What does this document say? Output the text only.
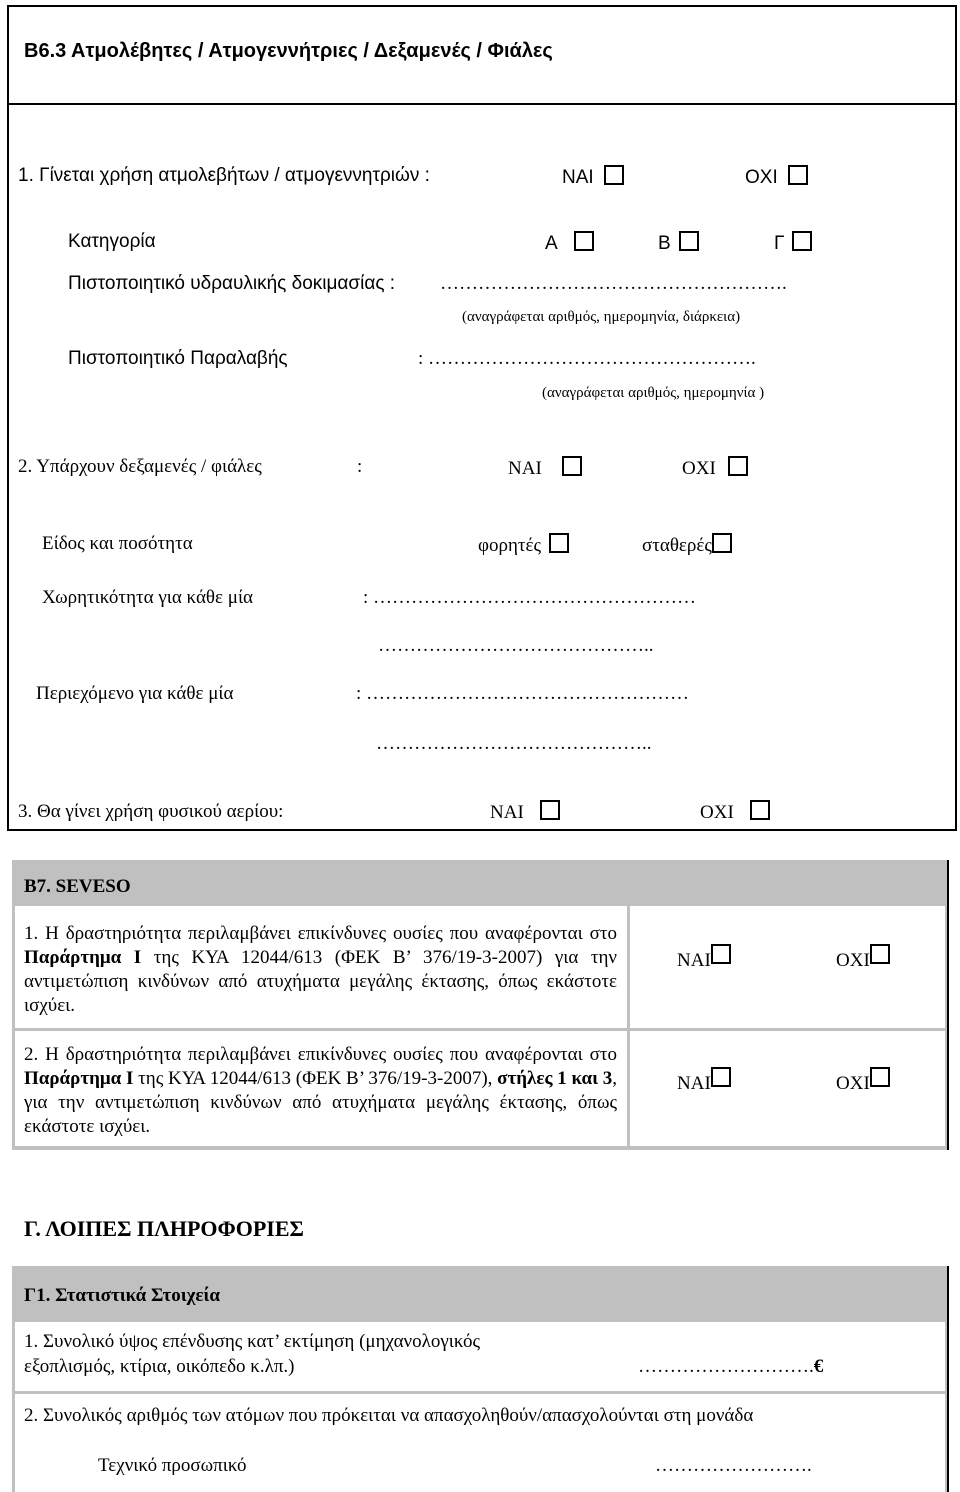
Β6.3 Ατμολέβητες / Ατμογεννήτριες / Δεξαμενές / Φιάλες
1. Γίνεται χρήση ατμολεβήτων / ατμογεννητριών :	ΝΑΙ	ΟΧΙ
Κατηγορία	Α	Β	Γ
Πιστοποιητικό υδραυλικής δοκιμασίας : ……………………………………………….
(αναγράφεται αριθμός, ημερομηνία, διάρκεια)
Πιστοποιητικό Παραλαβής	: …………………………………………….
(αναγράφεται αριθμός, ημερομηνία )
2. Υπάρχουν δεξαμενές / φιάλες	:	ΝΑΙ	ΟΧΙ
Είδος και ποσότητα	φορητές	σταθερές
Χωρητικότητα για κάθε μία	: ……………………………………………
……………………………………..
Περιεχόμενο για κάθε μία	: ……………………………………………
……………………………………..
3. Θα γίνει χρήση φυσικού αερίου:	ΝΑΙ	ΟΧΙ
Β7. SEVESO
1. Η δραστηριότητα περιλαμβάνει επικίνδυνες ουσίες που αναφέρονται στο Παράρτημα Ι της ΚΥΑ 12044/613 (ΦΕΚ Β’ 376/19-3-2007) για την αντιμετώπιση κινδύνων από ατυχήματα μεγάλης έκτασης, όπως εκάστοτε ισχύει.
ΝΑΙ	ΟΧΙ
2. Η δραστηριότητα περιλαμβάνει επικίνδυνες ουσίες που αναφέρονται στο Παράρτημα Ι της ΚΥΑ 12044/613 (ΦΕΚ Β’ 376/19-3-2007), στήλες 1 και 3, για την αντιμετώπιση κινδύνων από ατυχήματα μεγάλης έκτασης, όπως εκάστοτε ισχύει.
ΝΑΙ	ΟΧΙ
Γ. ΛΟΙΠΕΣ ΠΛΗΡΟΦΟΡΙΕΣ
Γ1. Στατιστικά Στοιχεία
1. Συνολικό ύψος επένδυσης κατ’ εκτίμηση (μηχανολογικός
εξοπλισμός, κτίρια, οικόπεδο κ.λπ.)	……………………….€
2. Συνολικός αριθμός των ατόμων που πρόκειται να απασχοληθούν/απασχολούνται στη μονάδα
Τεχνικό προσωπικό	…………………….
